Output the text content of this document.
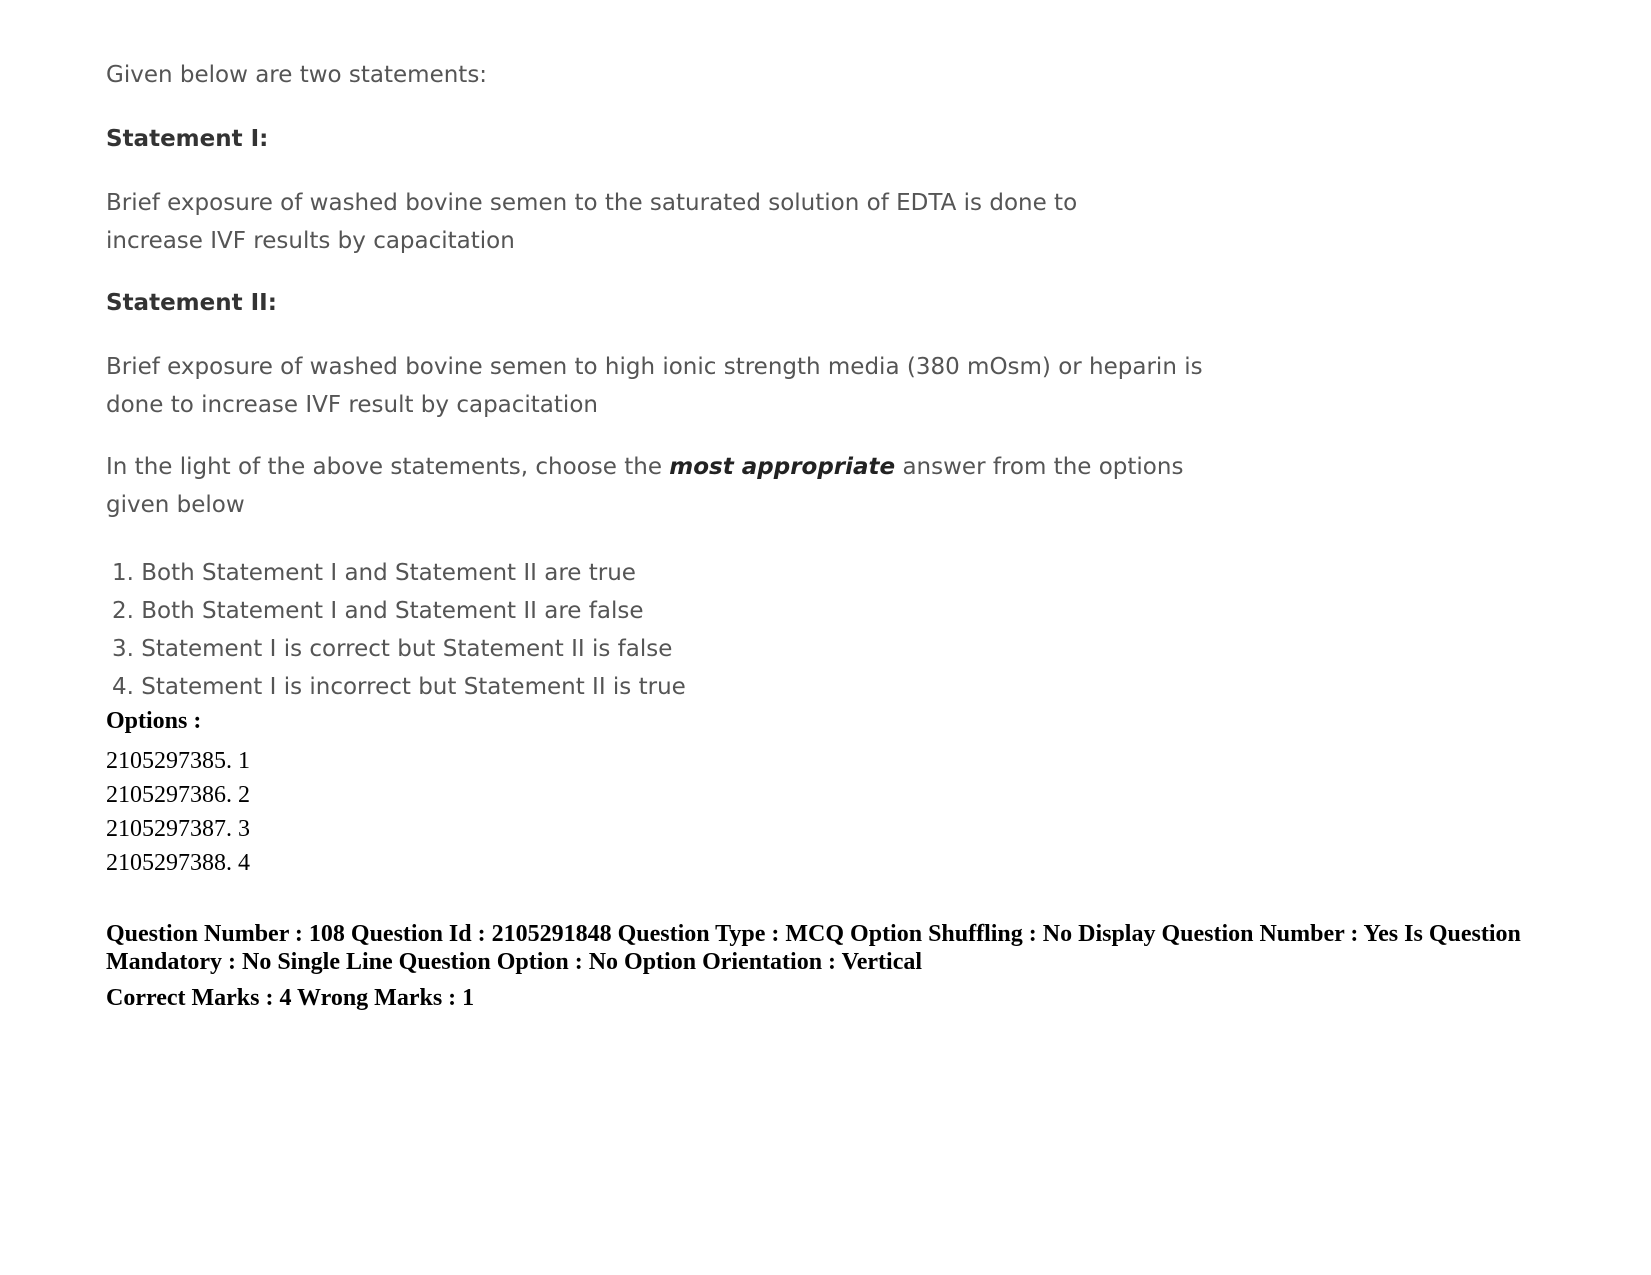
Given below are two statements:

Statement I:

Brief exposure of washed bovine semen to the saturated solution of EDTA is done to increase IVF results by capacitation

Statement II:

Brief exposure of washed bovine semen to high ionic strength media (380 mOsm) or heparin is done to increase IVF result by capacitation

In the light of the above statements, choose the most appropriate answer from the options given below

1. Both Statement I and Statement II are true
2. Both Statement I and Statement II are false
3. Statement I is correct but Statement II is false
4. Statement I is incorrect but Statement II is true
Options :
2105297385. 1
2105297386. 2
2105297387. 3
2105297388. 4
Question Number : 108 Question Id : 2105291848 Question Type : MCQ Option Shuffling : No Display Question Number : Yes Is Question Mandatory : No Single Line Question Option : No Option Orientation : Vertical
Correct Marks : 4 Wrong Marks : 1
